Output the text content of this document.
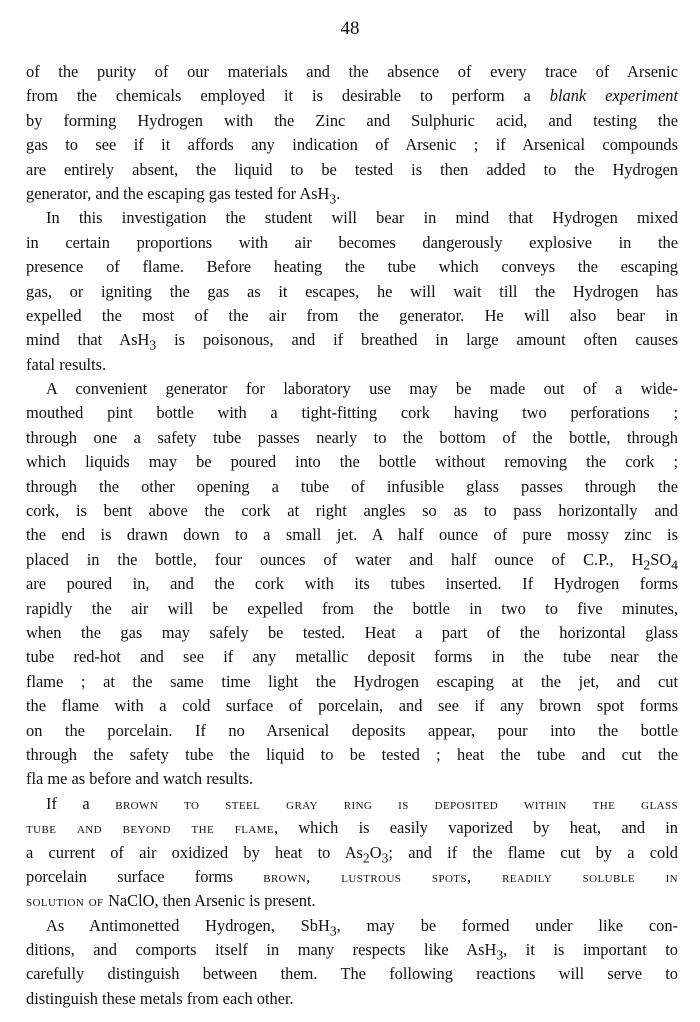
48
of the purity of our materials and the absence of every trace of Arsenic
from the chemicals employed it is desirable to perform a blank experiment
by forming Hydrogen with the Zinc and Sulphuric acid, and testing the
gas to see if it affords any indication of Arsenic ; if Arsenical compounds
are entirely absent, the liquid to be tested is then added to the Hydrogen
generator, and the escaping gas tested for AsH$_3$.
In this investigation the student will bear in mind that Hydrogen mixed
in certain proportions with air becomes dangerously explosive in the
presence of flame. Before heating the tube which conveys the escaping
gas, or igniting the gas as it escapes, he will wait till the Hydrogen has
expelled the most of the air from the generator. He will also bear in
mind that AsH$_3$ is poisonous, and if breathed in large amount often causes
fatal results.
A convenient generator for laboratory use may be made out of a wide-
mouthed pint bottle with a tight-fitting cork having two perforations ;
through one a safety tube passes nearly to the bottom of the bottle, through
which liquids may be poured into the bottle without removing the cork ;
through the other opening a tube of infusible glass passes through the
cork, is bent above the cork at right angles so as to pass horizontally and
the end is drawn down to a small jet. A half ounce of pure mossy zinc is
placed in the bottle, four ounces of water and half ounce of C.P., $H_2SO_4$
are poured in, and the cork with its tubes inserted. If Hydrogen forms
rapidly the air will be expelled from the bottle in two to five minutes,
when the gas may safely be tested. Heat a part of the horizontal glass
tube red-hot and see if any metallic deposit forms in the tube near the
flame ; at the same time light the Hydrogen escaping at the jet, and cut
the flame with a cold surface of porcelain, and see if any brown spot forms
on the porcelain. If no Arsenical deposits appear, pour into the bottle
through the safety tube the liquid to be tested ; heat the tube and cut the
fla me as before and watch results.
If a brown to steel gray ring is deposited within the glass
tube and beyond the flame, which is easily vaporized by heat, and in
a current of air oxidized by heat to $As_2O_3$; and if the flame cut by a cold
porcelain surface forms brown, lustrous spots, readily soluble in
solution of NaClO, then Arsenic is present.
As Antimonetted Hydrogen, SbH$_3$, may be formed under like con-
ditions, and comports itself in many respects like AsH$_3$, it is important to
carefully distinguish between them. The following reactions will serve to
distinguish these metals from each other.
